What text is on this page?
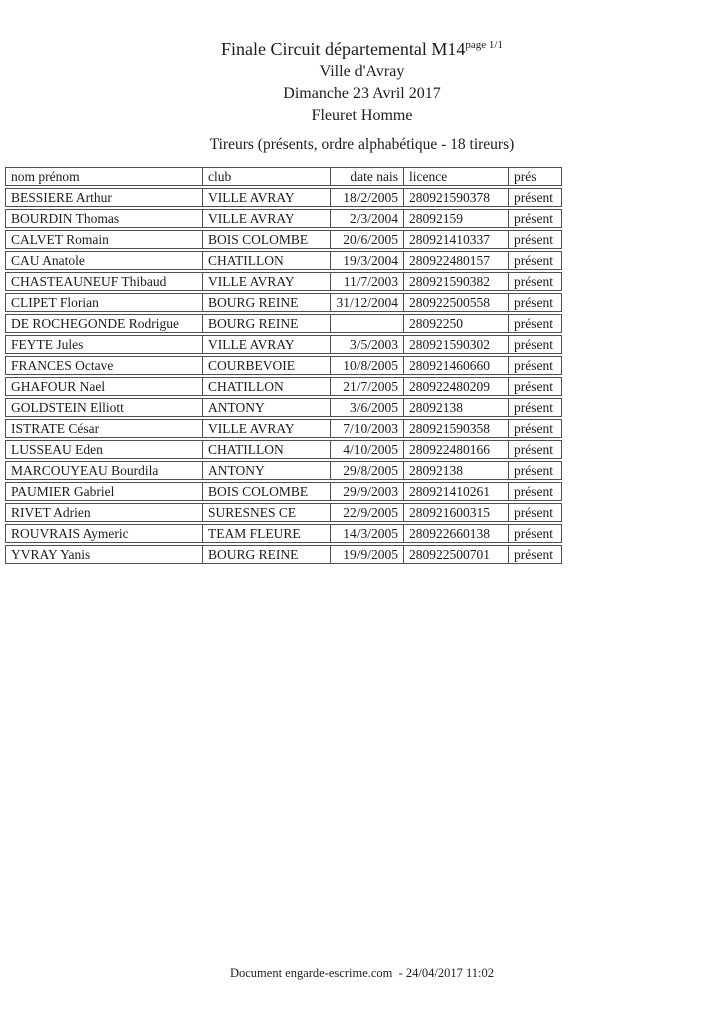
Finale Circuit départemental $M14^{page 1/1}$
Ville d'Avray
Dimanche 23 Avril 2017
Fleuret Homme
Tireurs (présents, ordre alphabétique - 18 tireurs)
nom prénom	club	date nais	licence	prés
BESSIERE Arthur	VILLE AVRAY	18/2/2005	280921590378	présent
BOURDIN Thomas	VILLE AVRAY	2/3/2004	28092159	présent
CALVET Romain	BOIS COLOMBE	20/6/2005	280921410337	présent
CAU Anatole	CHATILLON	19/3/2004	280922480157	présent
CHASTEAUNEUF Thibaud	VILLE AVRAY	11/7/2003	280921590382	présent
CLIPET Florian	BOURG REINE	31/12/2004	280922500558	présent
DE ROCHEGONDE Rodrigue	BOURG REINE		28092250	présent
FEYTE Jules	VILLE AVRAY	3/5/2003	280921590302	présent
FRANCES Octave	COURBEVOIE	10/8/2005	280921460660	présent
GHAFOUR Nael	CHATILLON	21/7/2005	280922480209	présent
GOLDSTEIN Elliott	ANTONY	3/6/2005	28092138	présent
ISTRATE César	VILLE AVRAY	7/10/2003	280921590358	présent
LUSSEAU Eden	CHATILLON	4/10/2005	280922480166	présent
MARCOUYEAU Bourdila	ANTONY	29/8/2005	28092138	présent
PAUMIER Gabriel	BOIS COLOMBE	29/9/2003	280921410261	présent
RIVET Adrien	SURESNES CE	22/9/2005	280921600315	présent
ROUVRAIS Aymeric	TEAM FLEURE	14/3/2005	280922660138	présent
YVRAY Yanis	BOURG REINE	19/9/2005	280922500701	présent
Document engarde-escrime.com  - 24/04/2017 11:02
